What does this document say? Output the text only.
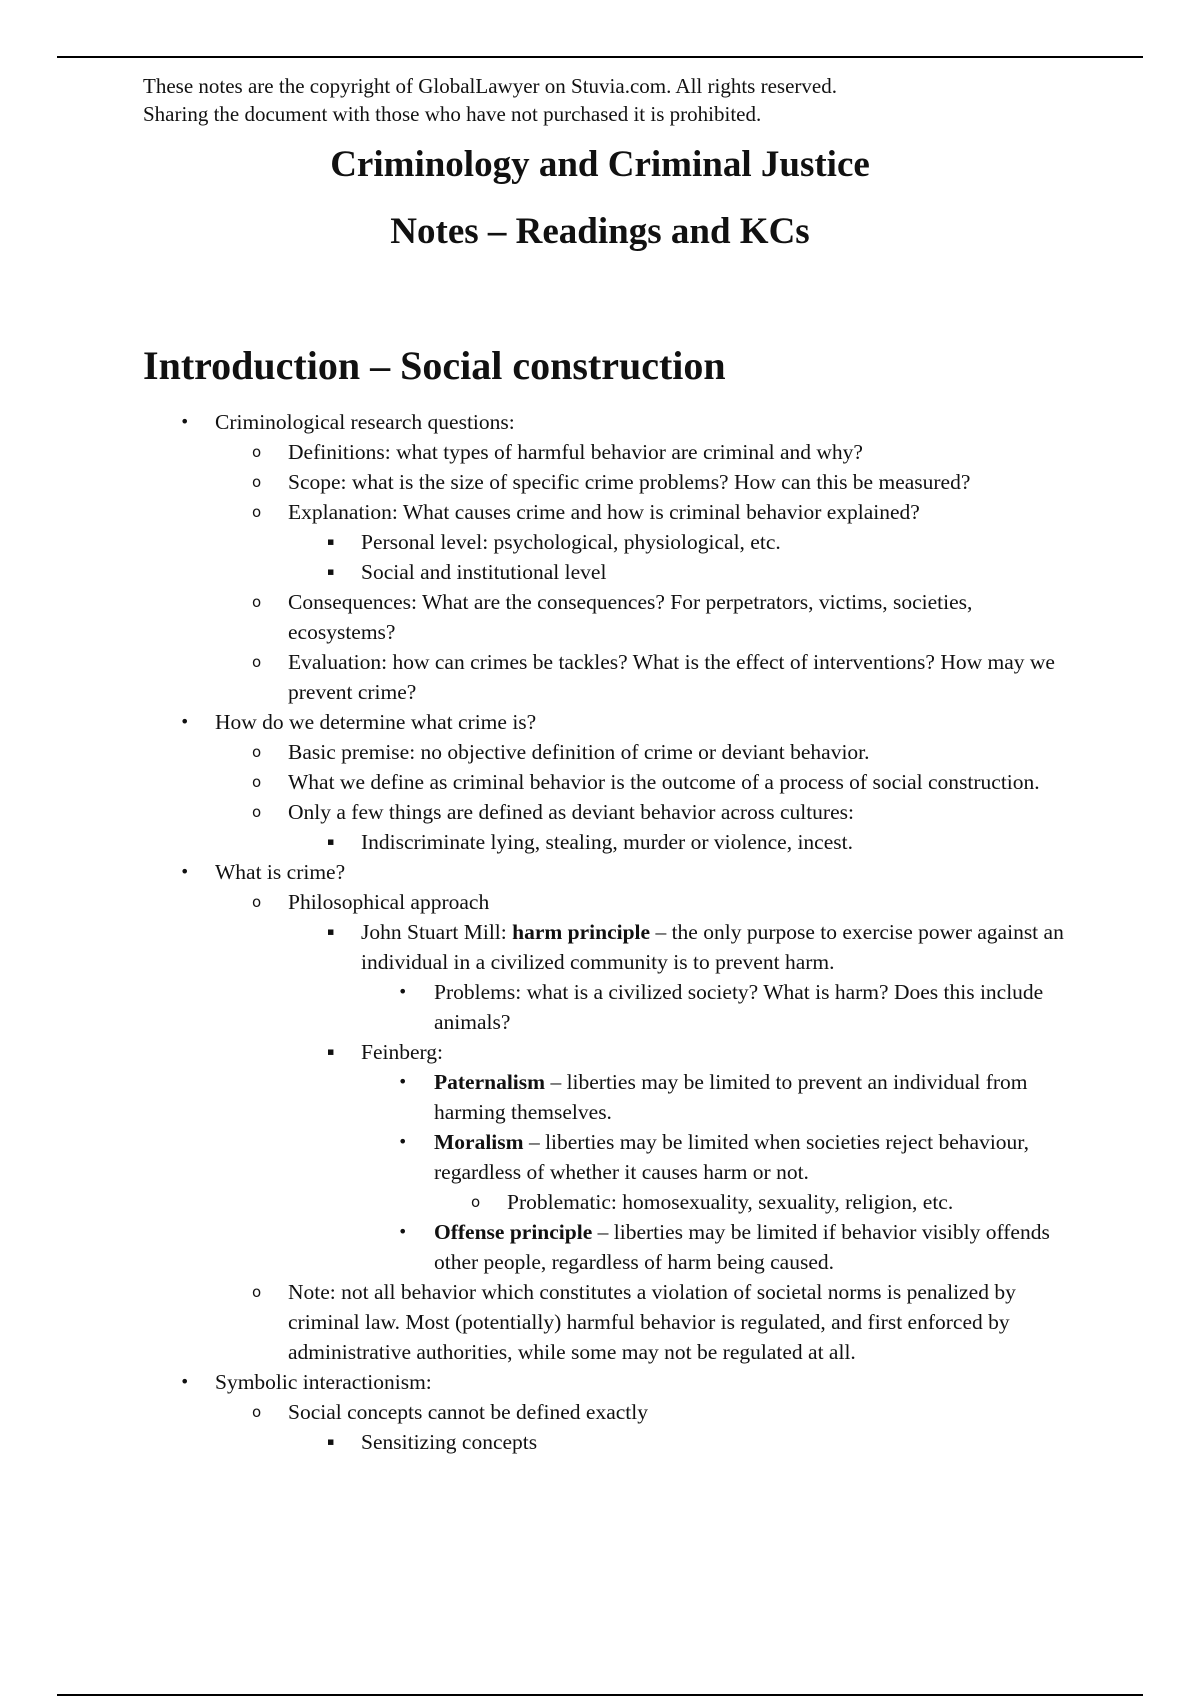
These notes are the copyright of GlobalLawyer on Stuvia.com. All rights reserved.
Sharing the document with those who have not purchased it is prohibited.
Criminology and Criminal Justice
Notes – Readings and KCs
Introduction – Social construction
• Criminological research questions:
o Definitions: what types of harmful behavior are criminal and why?
o Scope: what is the size of specific crime problems? How can this be measured?
o Explanation: What causes crime and how is criminal behavior explained?
▪ Personal level: psychological, physiological, etc.
▪ Social and institutional level
o Consequences: What are the consequences? For perpetrators, victims, societies, ecosystems?
o Evaluation: how can crimes be tackles? What is the effect of interventions? How may we prevent crime?
• How do we determine what crime is?
o Basic premise: no objective definition of crime or deviant behavior.
o What we define as criminal behavior is the outcome of a process of social construction.
o Only a few things are defined as deviant behavior across cultures:
▪ Indiscriminate lying, stealing, murder or violence, incest.
• What is crime?
o Philosophical approach
▪ John Stuart Mill: harm principle – the only purpose to exercise power against an individual in a civilized community is to prevent harm.
• Problems: what is a civilized society? What is harm? Does this include animals?
▪ Feinberg:
• Paternalism – liberties may be limited to prevent an individual from harming themselves.
• Moralism – liberties may be limited when societies reject behaviour, regardless of whether it causes harm or not.
o Problematic: homosexuality, sexuality, religion, etc.
• Offense principle – liberties may be limited if behavior visibly offends other people, regardless of harm being caused.
o Note: not all behavior which constitutes a violation of societal norms is penalized by criminal law. Most (potentially) harmful behavior is regulated, and first enforced by administrative authorities, while some may not be regulated at all.
• Symbolic interactionism:
o Social concepts cannot be defined exactly
▪ Sensitizing concepts
